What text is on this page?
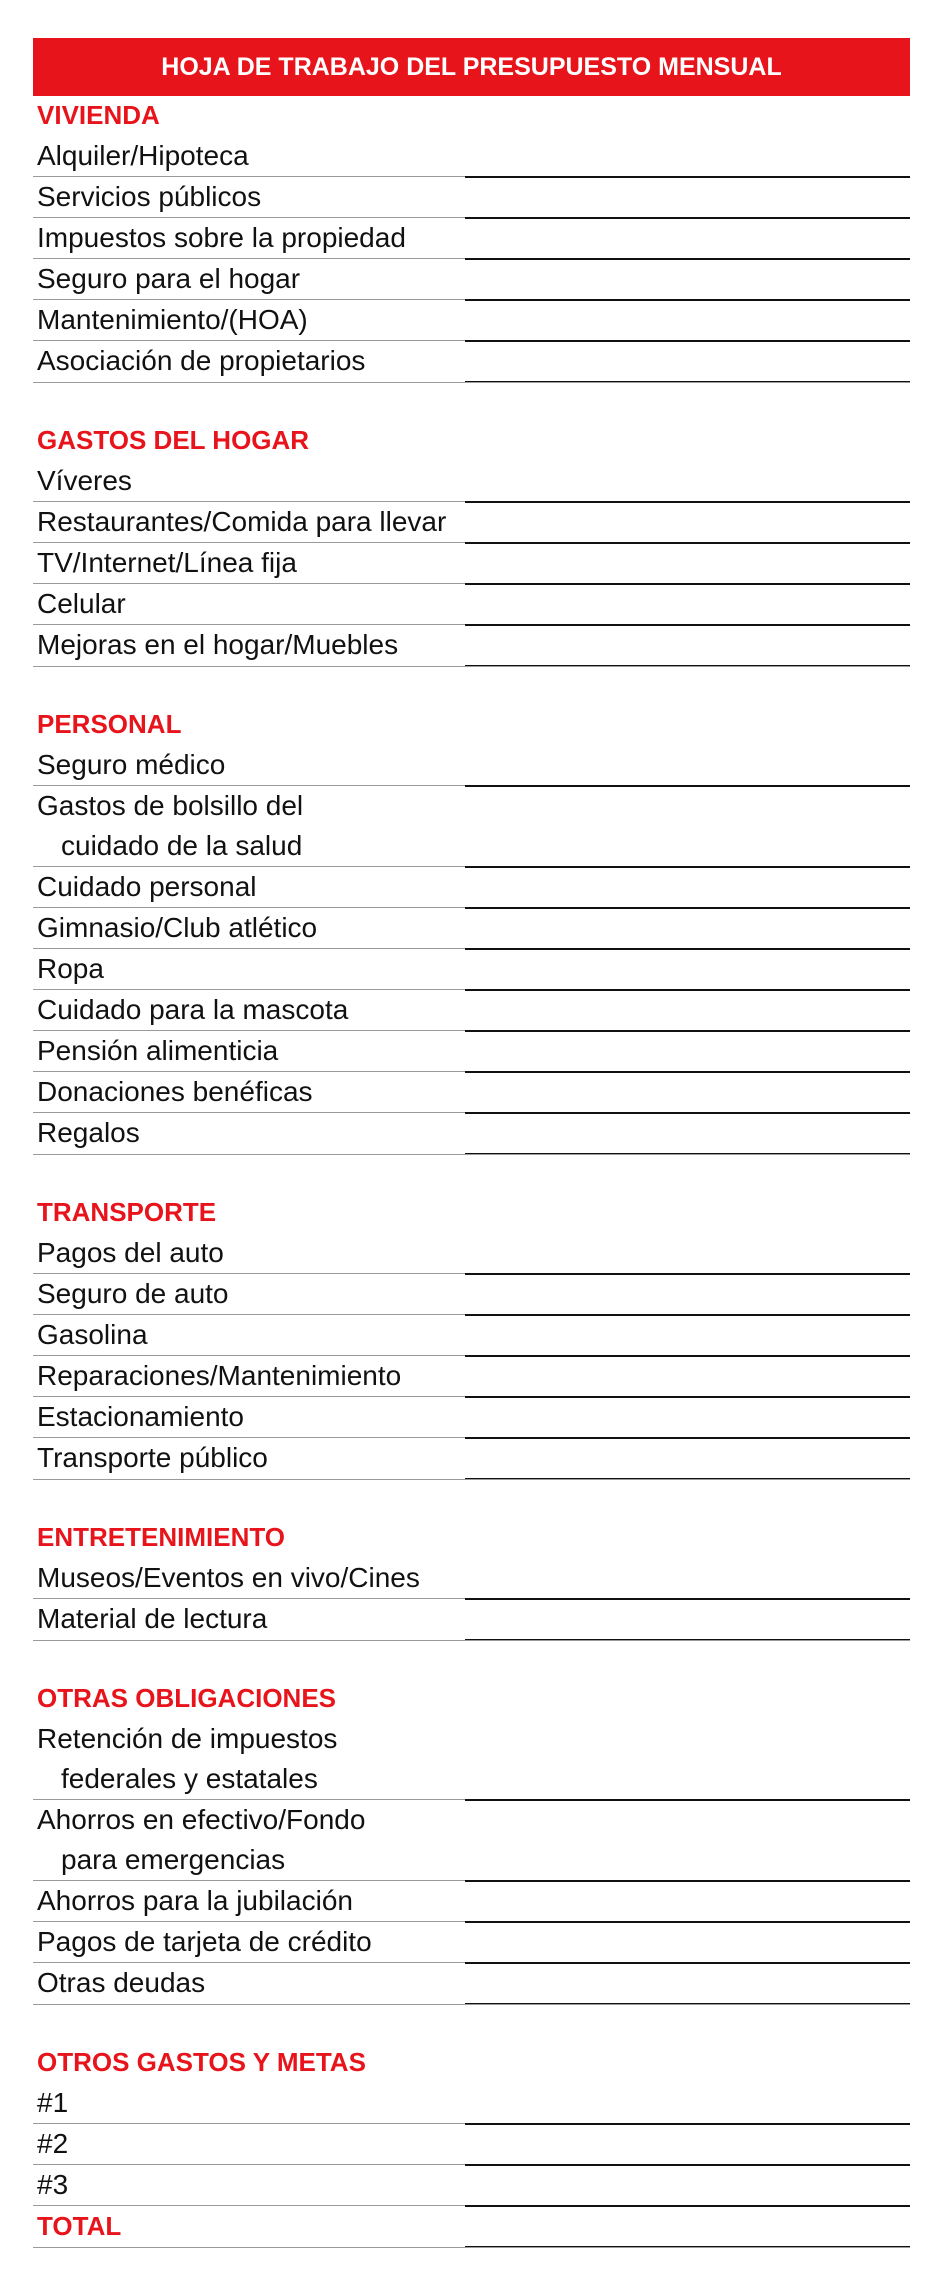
HOJA DE TRABAJO DEL PRESUPUESTO MENSUAL
VIVIENDA
Alquiler/Hipoteca
Servicios públicos
Impuestos sobre la propiedad
Seguro para el hogar
Mantenimiento/(HOA)
Asociación de propietarios
GASTOS DEL HOGAR
Víveres
Restaurantes/Comida para llevar
TV/Internet/Línea fija
Celular
Mejoras en el hogar/Muebles
PERSONAL
Seguro médico
Gastos de bolsillo del
cuidado de la salud
Cuidado personal
Gimnasio/Club atlético
Ropa
Cuidado para la mascota
Pensión alimenticia
Donaciones benéficas
Regalos
TRANSPORTE
Pagos del auto
Seguro de auto
Gasolina
Reparaciones/Mantenimiento
Estacionamiento
Transporte público
ENTRETENIMIENTO
Museos/Eventos en vivo/Cines
Material de lectura
OTRAS OBLIGACIONES
Retención de impuestos
federales y estatales
Ahorros en efectivo/Fondo
para emergencias
Ahorros para la jubilación
Pagos de tarjeta de crédito
Otras deudas
OTROS GASTOS Y METAS
#1
#2
#3
TOTAL
